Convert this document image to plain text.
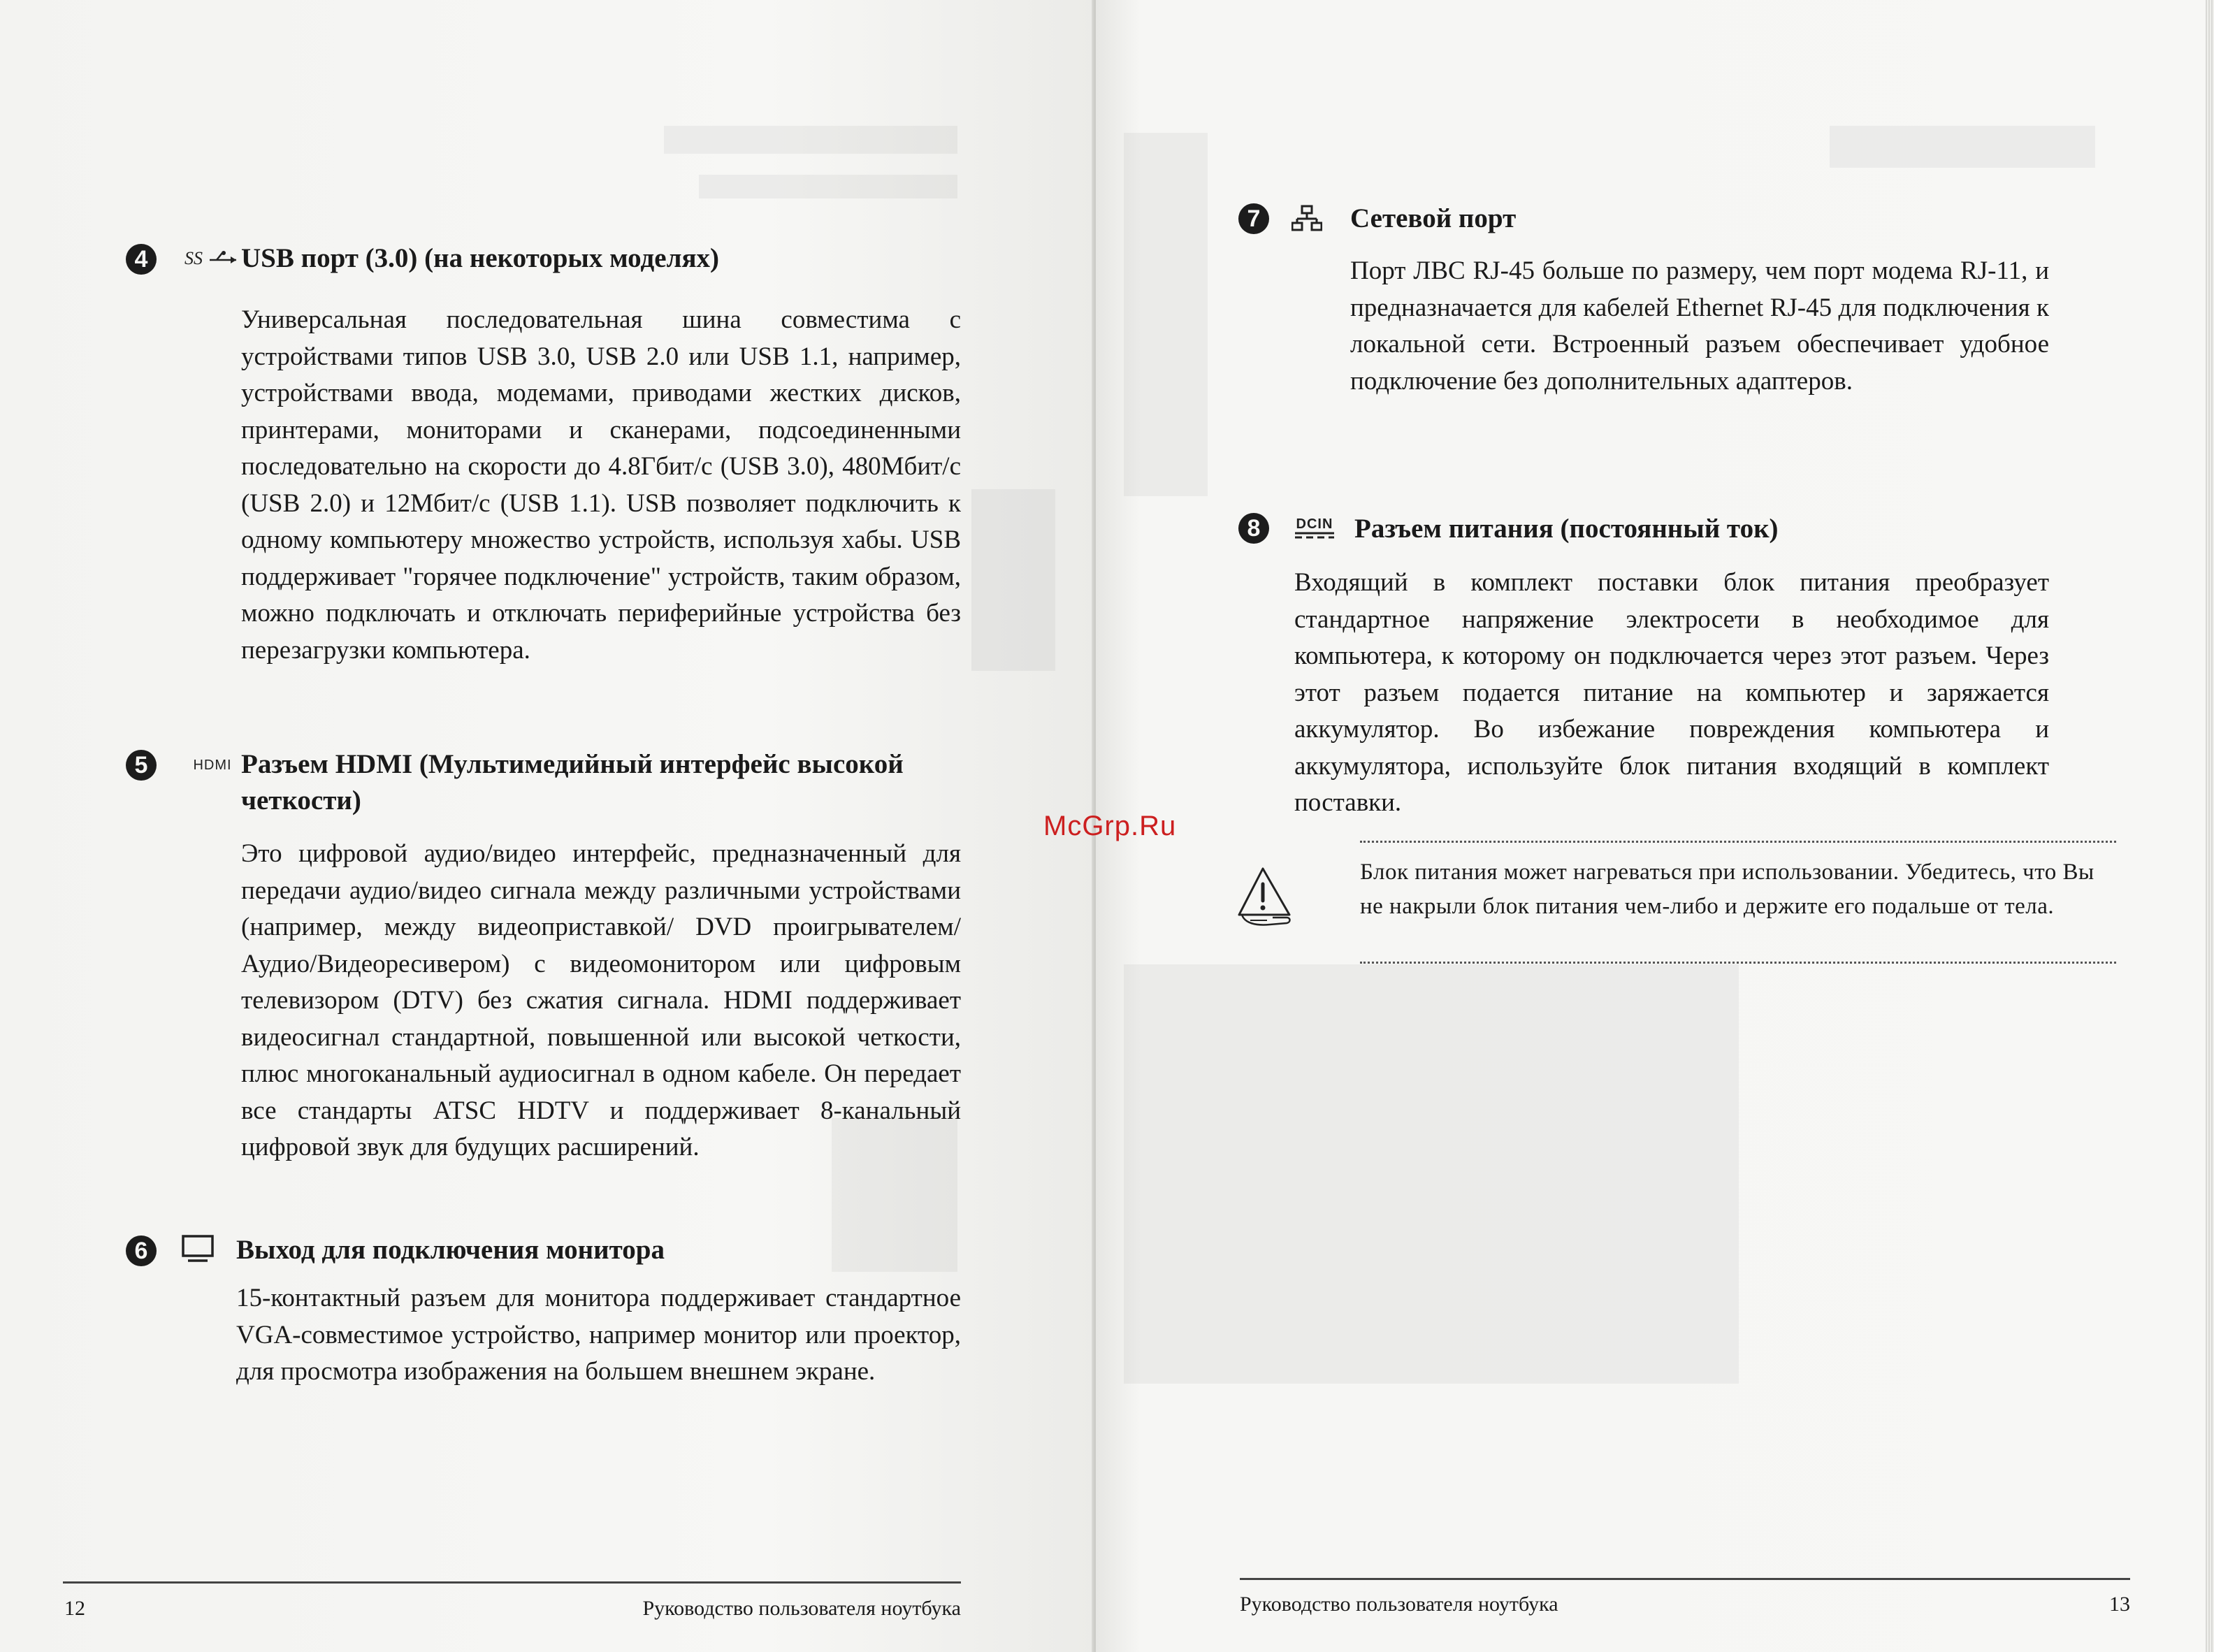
4	SS USB порт (3.0) (на некоторых моделях)
Универсальная последовательная шина совместима с устройствами типов USB 3.0, USB 2.0 или USB 1.1, например, устройствами ввода, модемами, приводами жестких дисков, принтерами, мониторами и сканерами, подсоединенными последовательно на скорости до 4.8Гбит/с (USB 3.0), 480Мбит/с (USB 2.0) и 12Мбит/с (USB 1.1). USB позволяет подключить к одному компьютеру множество устройств, используя хабы. USB поддерживает "горячее подключение" устройств, таким образом, можно подключать и отключать периферийные устройства без перезагрузки компьютера.
5	HDMI Разъем HDMI (Мультимедийный интерфейс высокой четкости)
Это цифровой аудио/видео интерфейс, предназначенный для передачи аудио/видео сигнала между различными устройствами (например, между видеоприставкой/ DVD проигрывателем/Аудио/Видеоресивером) с видеомонитором или цифровым телевизором (DTV) без сжатия сигнала. HDMI поддерживает видеосигнал стандартной, повышенной или высокой четкости, плюс многоканальный аудиосигнал в одном кабеле. Он передает все стандарты ATSC HDTV и поддерживает 8-канальный цифровой звук для будущих расширений.
6	Выход для подключения монитора
15-контактный разъем для монитора поддерживает стандартное VGA-совместимое устройство, например монитор или проектор, для просмотра изображения на большем внешнем экране.
12	Руководство пользователя ноутбука
7	Сетевой порт
Порт ЛВС RJ-45 больше по размеру, чем порт модема RJ-11, и предназначается для кабелей Ethernet RJ-45 для подключения к локальной сети. Встроенный разъем обеспечивает удобное подключение без дополнительных адаптеров.
8	DCIN Разъем питания (постоянный ток)
Входящий в комплект поставки блок питания преобразует стандартное напряжение электросети в необходимое для компьютера, к которому он подключается через этот разъем. Через этот разъем подается питание на компьютер и заряжается аккумулятор. Во избежание повреждения компьютера и аккумулятора, используйте блок питания входящий в комплект поставки.
Блок питания может нагреваться при использовании. Убедитесь, что Вы не накрыли блок питания чем-либо и держите его подальше от тела.
Руководство пользователя ноутбука	13
McGrp.Ru
